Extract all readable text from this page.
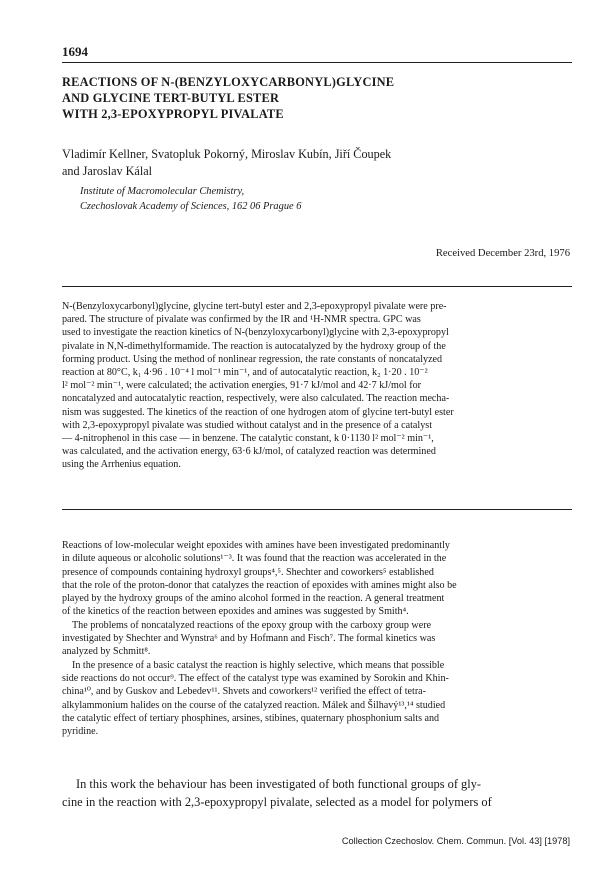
1694
REACTIONS OF N-(BENZYLOXYCARBONYL)GLYCINE
AND GLYCINE TERT-BUTYL ESTER
WITH 2,3-EPOXYPROPYL PIVALATE

Vladimír Kellner, Svatopluk Pokorný, Miroslav Kubín, Jiří Čoupek
and Jaroslav Kálal

Institute of Macromolecular Chemistry,
Czechoslovak Academy of Sciences, 162 06 Prague 6

Received December 23rd, 1976

N-(Benzyloxycarbonyl)glycine, glycine tert-butyl ester and 2,3-epoxypropyl pivalate were pre-
pared. The structure of pivalate was confirmed by the IR and ¹H-NMR spectra. GPC was
used to investigate the reaction kinetics of N-(benzyloxycarbonyl)glycine with 2,3-epoxypropyl
pivalate in N,N-dimethylformamide. The reaction is autocatalyzed by the hydroxy group of the
forming product. Using the method of nonlinear regression, the rate constants of noncatalyzed
reaction at 80°C, k₁ 4·96 . 10⁻⁴ l mol⁻¹ min⁻¹, and of autocatalytic reaction, k₂ 1·20 . 10⁻²
l² mol⁻² min⁻¹, were calculated; the activation energies, 91·7 kJ/mol and 42·7 kJ/mol for
noncatalyzed and autocatalytic reaction, respectively, were also calculated. The reaction mecha-
nism was suggested. The kinetics of the reaction of one hydrogen atom of glycine tert-butyl ester
with 2,3-epoxypropyl pivalate was studied without catalyst and in the presence of a catalyst
— 4-nitrophenol in this case — in benzene. The catalytic constant, k 0·1130 l² mol⁻² min⁻¹,
was calculated, and the activation energy, 63·6 kJ/mol, of catalyzed reaction was determined
using the Arrhenius equation.

Reactions of low-molecular weight epoxides with amines have been investigated predominantly
in dilute aqueous or alcoholic solutions¹⁻³. It was found that the reaction was accelerated in the
presence of compounds containing hydroxyl groups⁴,⁵. Shechter and coworkers⁵ established
that the role of the proton-donor that catalyzes the reaction of epoxides with amines might also be
played by the hydroxy groups of the amino alcohol formed in the reaction. A general treatment
of the kinetics of the reaction between epoxides and amines was suggested by Smith⁴.
The problems of noncatalyzed reactions of the epoxy group with the carboxy group were
investigated by Shechter and Wynstra⁶ and by Hofmann and Fisch⁷. The formal kinetics was
analyzed by Schmitt⁸.
In the presence of a basic catalyst the reaction is highly selective, which means that possible
side reactions do not occur⁹. The effect of the catalyst type was examined by Sorokin and Khin-
china¹⁰, and by Guskov and Lebedev¹¹. Shvets and coworkers¹² verified the effect of tetra-
alkylammonium halides on the course of the catalyzed reaction. Málek and Šilhavý¹³,¹⁴ studied
the catalytic effect of tertiary phosphines, arsines, stibines, quaternary phosphonium salts and
pyridine.

In this work the behaviour has been investigated of both functional groups of gly-
cine in the reaction with 2,3-epoxypropyl pivalate, selected as a model for polymers of

Collection Czechoslov. Chem. Commun. [Vol. 43] [1978]
